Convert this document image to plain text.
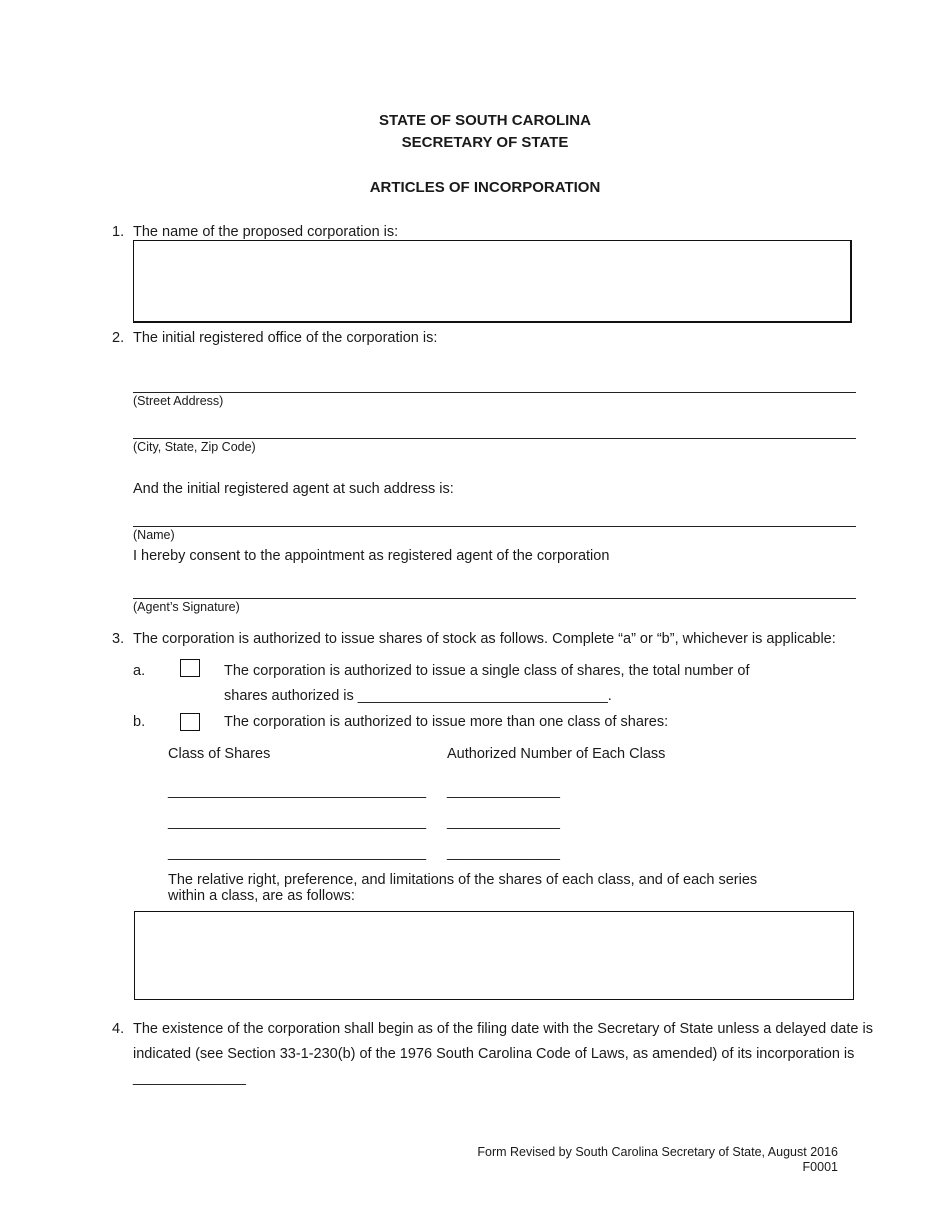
STATE OF SOUTH CAROLINA
SECRETARY OF STATE
ARTICLES OF INCORPORATION
1. The name of the proposed corporation is:
2. The initial registered office of the corporation is:
(Street Address)
(City, State, Zip Code)
And the initial registered agent at such address is:
(Name)
I hereby consent to the appointment as registered agent of the corporation
(Agent’s Signature)
3. The corporation is authorized to issue shares of stock as follows. Complete “a” or “b”, whichever is applicable:
a.	The corporation is authorized to issue a single class of shares, the total number of
shares authorized is _______________________________.
b.	The corporation is authorized to issue more than one class of shares:
Class of Shares	Authorized Number of Each Class
________________________________ ______________
________________________________ ______________
________________________________ ______________
The relative right, preference, and limitations of the shares of each class, and of each series
within a class, are as follows:
4. The existence of the corporation shall begin as of the filing date with the Secretary of State unless a delayed date is
indicated (see Section 33-1-230(b) of the 1976 South Carolina Code of Laws, as amended) of its incorporation is
______________
Form Revised by South Carolina Secretary of State, August 2016
F0001
